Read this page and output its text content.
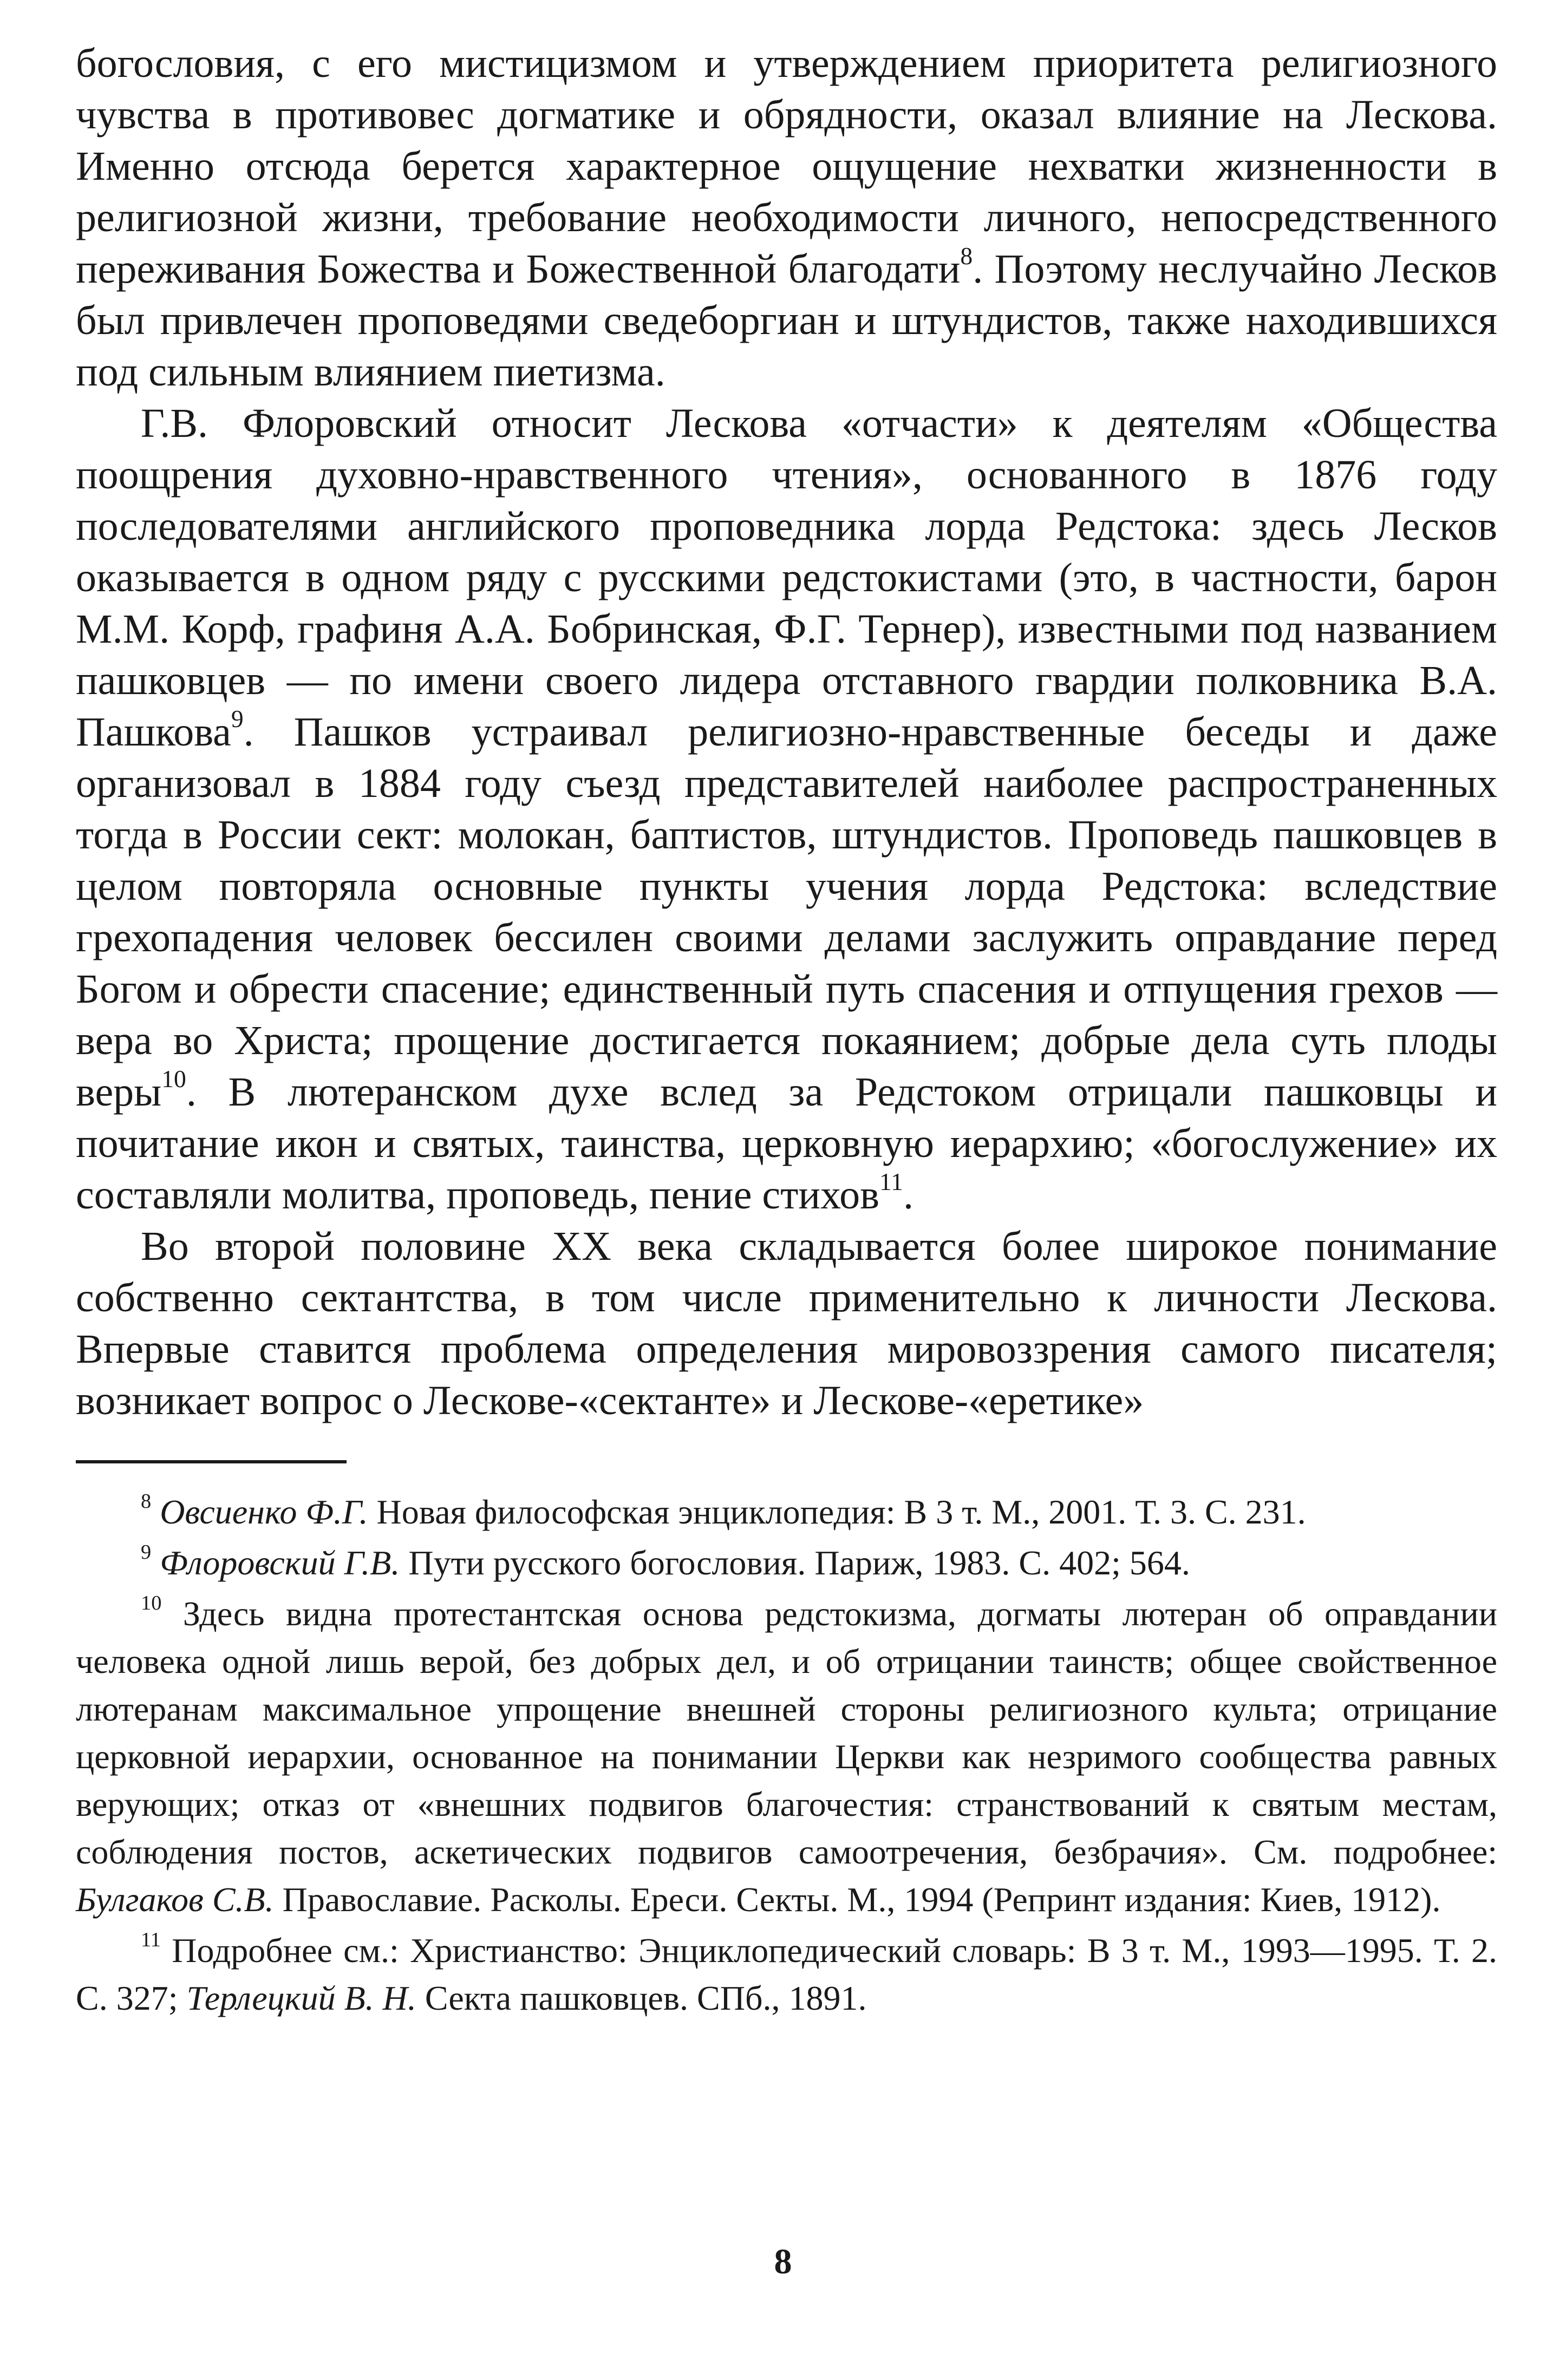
богословия, с его мистицизмом и утверждением приоритета религиозного чувства в противовес догматике и обрядности, оказал влияние на Лескова. Именно отсюда берется характерное ощущение нехватки жизненности в религиозной жизни, требование необходимости личного, непосредственного переживания Божества и Божественной благодати$^8$. Поэтому неслучайно Лесков был привлечен проповедями сведеборгиан и штундистов, также находившихся под сильным влиянием пиетизма.

Г.В. Флоровский относит Лескова «отчасти» к деятелям «Общества поощрения духовно-нравственного чтения», основанного в 1876 году последователями английского проповедника лорда Редстока: здесь Лесков оказывается в одном ряду с русскими редстокистами (это, в частности, барон М.М. Корф, графиня А.А. Бобринская, Ф.Г. Тернер), известными под названием пашковцев — по имени своего лидера отставного гвардии полковника В.А. Пашкова$^9$. Пашков устраивал религиозно-нравственные беседы и даже организовал в 1884 году съезд представителей наиболее распространенных тогда в России сект: молокан, баптистов, штундистов. Проповедь пашковцев в целом повторяла основные пункты учения лорда Редстока: вследствие грехопадения человек бессилен своими делами заслужить оправдание перед Богом и обрести спасение; единственный путь спасения и отпущения грехов — вера во Христа; прощение достигается покаянием; добрые дела суть плоды веры$^{10}$. В лютеранском духе вслед за Редстоком отрицали пашковцы и почитание икон и святых, таинства, церковную иерархию; «богослужение» их составляли молитва, проповедь, пение стихов$^{11}$.

Во второй половине XX века складывается более широкое понимание собственно сектантства, в том числе применительно к личности Лескова. Впервые ставится проблема определения мировоззрения самого писателя; возникает вопрос о Лескове-«сектанте» и Лескове-«еретике»

$^8$ Овсиенко Ф.Г. Новая философская энциклопедия: В 3 т. М., 2001. Т. 3. С. 231.

$^9$ Флоровский Г.В. Пути русского богословия. Париж, 1983. С. 402; 564.

$^{10}$ Здесь видна протестантская основа редстокизма, догматы лютеран об оправдании человека одной лишь верой, без добрых дел, и об отрицании таинств; общее свойственное лютеранам максимальное упрощение внешней стороны религиозного культа; отрицание церковной иерархии, основанное на понимании Церкви как незримого сообщества равных верующих; отказ от «внешних подвигов благочестия: странствований к святым местам, соблюдения постов, аскетических подвигов самоотречения, безбрачия». См. подробнее: Булгаков С.В. Православие. Расколы. Ереси. Секты. М., 1994 (Репринт издания: Киев, 1912).

$^{11}$ Подробнее см.: Христианство: Энциклопедический словарь: В 3 т. М., 1993—1995. Т. 2. С. 327; Терлецкий В. Н. Секта пашковцев. СПб., 1891.

8
